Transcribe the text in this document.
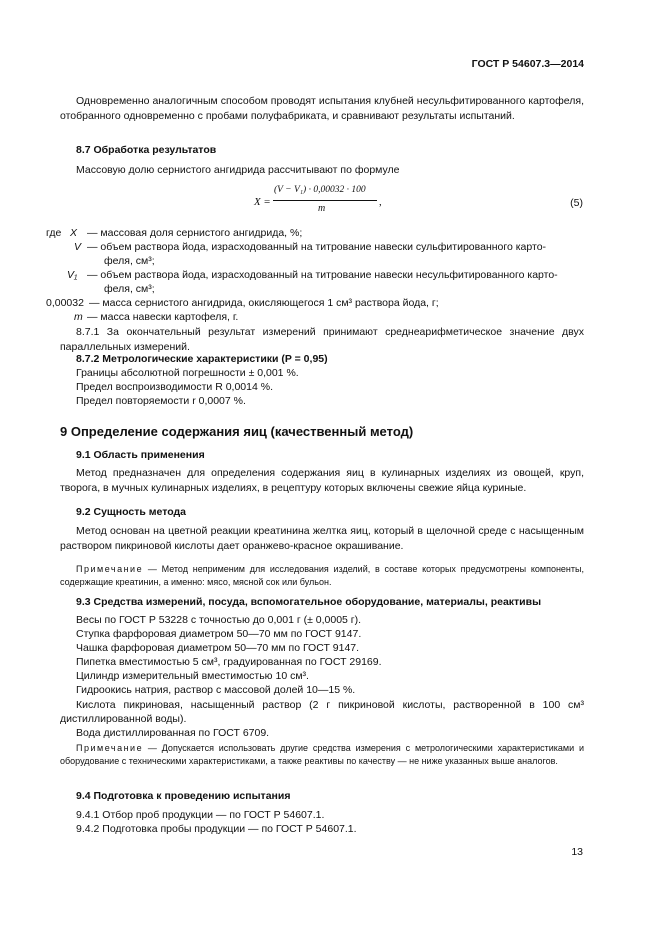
ГОСТ Р 54607.3—2014
Одновременно аналогичным способом проводят испытания клубней несульфитированного картофеля, отобранного одновременно с пробами полуфабриката, и сравнивают результаты испытаний.
8.7 Обработка результатов
Массовую долю сернистого ангидрида рассчитывают по формуле
X =
(V − V₁) · 0,00032 · 100
m
,	(5)
где X — массовая доля сернистого ангидрида, %;
V — объем раствора йода, израсходованный на титрование навески сульфитированного карто-
феля, см³;
V₁ — объем раствора йода, израсходованный на титрование навески несульфитированного карто-
феля, см³;
0,00032 — масса сернистого ангидрида, окисляющегося 1 см³ раствора йода, г;
m — масса навески картофеля, г.
8.7.1 За окончательный результат измерений принимают среднеарифметическое значение двух параллельных измерений.
8.7.2 Метрологические характеристики (P = 0,95)
Границы абсолютной погрешности ± 0,001 %.
Предел воспроизводимости R 0,0014 %.
Предел повторяемости r 0,0007 %.
9 Определение содержания яиц (качественный метод)
9.1 Область применения
Метод предназначен для определения содержания яиц в кулинарных изделиях из овощей, круп, творога, в мучных кулинарных изделиях, в рецептуру которых включены свежие яйца куриные.
9.2 Сущность метода
Метод основан на цветной реакции креатинина желтка яиц, который в щелочной среде с насыщенным раствором пикриновой кислоты дает оранжево-красное окрашивание.
Примечание — Метод неприменим для исследования изделий, в составе которых предусмотрены компоненты, содержащие креатинин, а именно: мясо, мясной сок или бульон.
9.3 Средства измерений, посуда, вспомогательное оборудование, материалы, реактивы
Весы по ГОСТ Р 53228 с точностью до 0,001 г (± 0,0005 г).
Ступка фарфоровая диаметром 50—70 мм по ГОСТ 9147.
Чашка фарфоровая диаметром 50—70 мм по ГОСТ 9147.
Пипетка вместимостью 5 см³, градуированная по ГОСТ 29169.
Цилиндр измерительный вместимостью 10 см³.
Гидроокись натрия, раствор с массовой долей 10—15 %.
Кислота пикриновая, насыщенный раствор (2 г пикриновой кислоты, растворенной в 100 см³ дистиллированной воды).
Вода дистиллированная по ГОСТ 6709.
Примечание — Допускается использовать другие средства измерения с метрологическими характеристиками и оборудование с техническими характеристиками, а также реактивы по качеству — не ниже указанных выше аналогов.
9.4 Подготовка к проведению испытания
9.4.1 Отбор проб продукции — по ГОСТ Р 54607.1.
9.4.2 Подготовка пробы продукции — по ГОСТ Р 54607.1.
13
